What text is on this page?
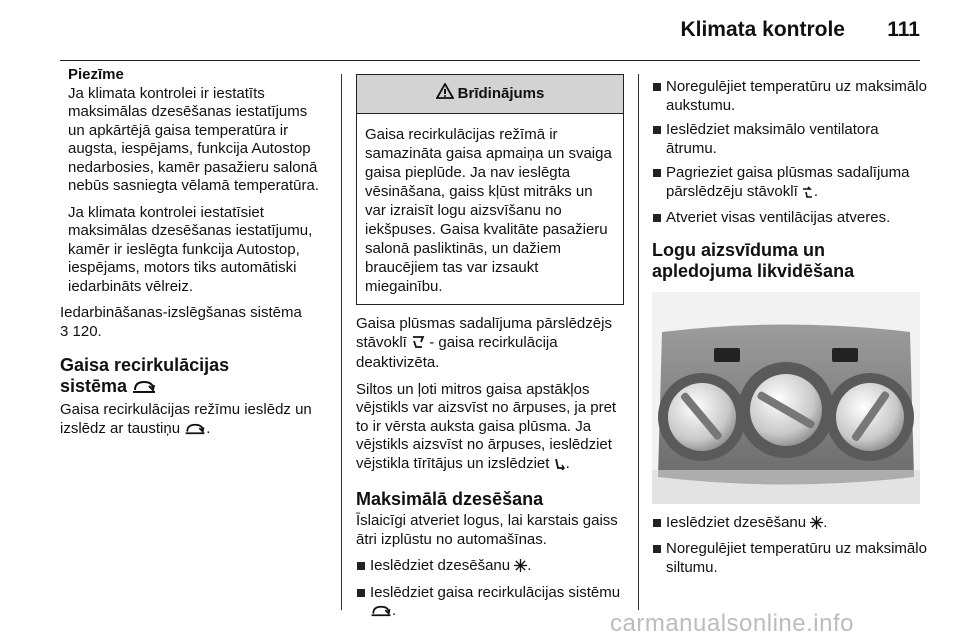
Klimata kontrole 111
Piezīme

Ja klimata kontrolei ir iestatīts maksimālas dzesēšanas iestatījums un apkārtējā gaisa temperatūra ir augsta, iespējams, funkcija Autostop nedarbosies, kamēr pasažieru salonā nebūs sasniegta vēlamā temperatūra.

Ja klimata kontrolei iestatīsiet maksimālas dzesēšanas iestatījumu, kamēr ir ieslēgta funkcija Autostop, iespējams, motors tiks automātiski iedarbināts vēlreiz.

Iedarbināšanas-izslēgšanas sistēma
3 120.

Gaisa recirkulācijas
sistēma

Gaisa recirkulācijas režīmu ieslēdz un izslēdz ar taustiņu .

Brīdinājums
Gaisa recirkulācijas režīmā ir samazināta gaisa apmaiņa un svaiga gaisa pieplūde. Ja nav ieslēgta vēsināšana, gaiss kļūst mitrāks un var izraisīt logu aizsvīšanu no iekšpuses. Gaisa kvalitāte pasažieru salonā pasliktinās, un dažiem braucējiem tas var izsaukt miegainību.

Gaisa plūsmas sadalījuma pārslēdzējs stāvoklī - gaisa recirkulācija deaktivizēta.

Siltos un ļoti mitros gaisa apstākļos vējstikls var aizsvīst no ārpuses, ja pret to ir vērsta auksta gaisa plūsma. Ja vējstikls aizsvīst no ārpuses, ieslēdziet vējstikla tīrītājus un izslēdziet .

Maksimālā dzesēšana

Īslaicīgi atveriet logus, lai karstais gaiss ātri izplūstu no automašīnas.

Ieslēdziet dzesēšanu .
Ieslēdziet gaisa recirkulācijas sistēmu .
Noregulējiet temperatūru uz maksimālo aukstumu.
Ieslēdziet maksimālo ventilatora ātrumu.
Pagrieziet gaisa plūsmas sadalījuma pārslēdzēju stāvoklī .
Atveriet visas ventilācijas atveres.
Logu aizsvīduma un
apledojuma likvidēšana
Ieslēdziet dzesēšanu .
Noregulējiet temperatūru uz maksimālo siltumu.
carmanualsonline.info
